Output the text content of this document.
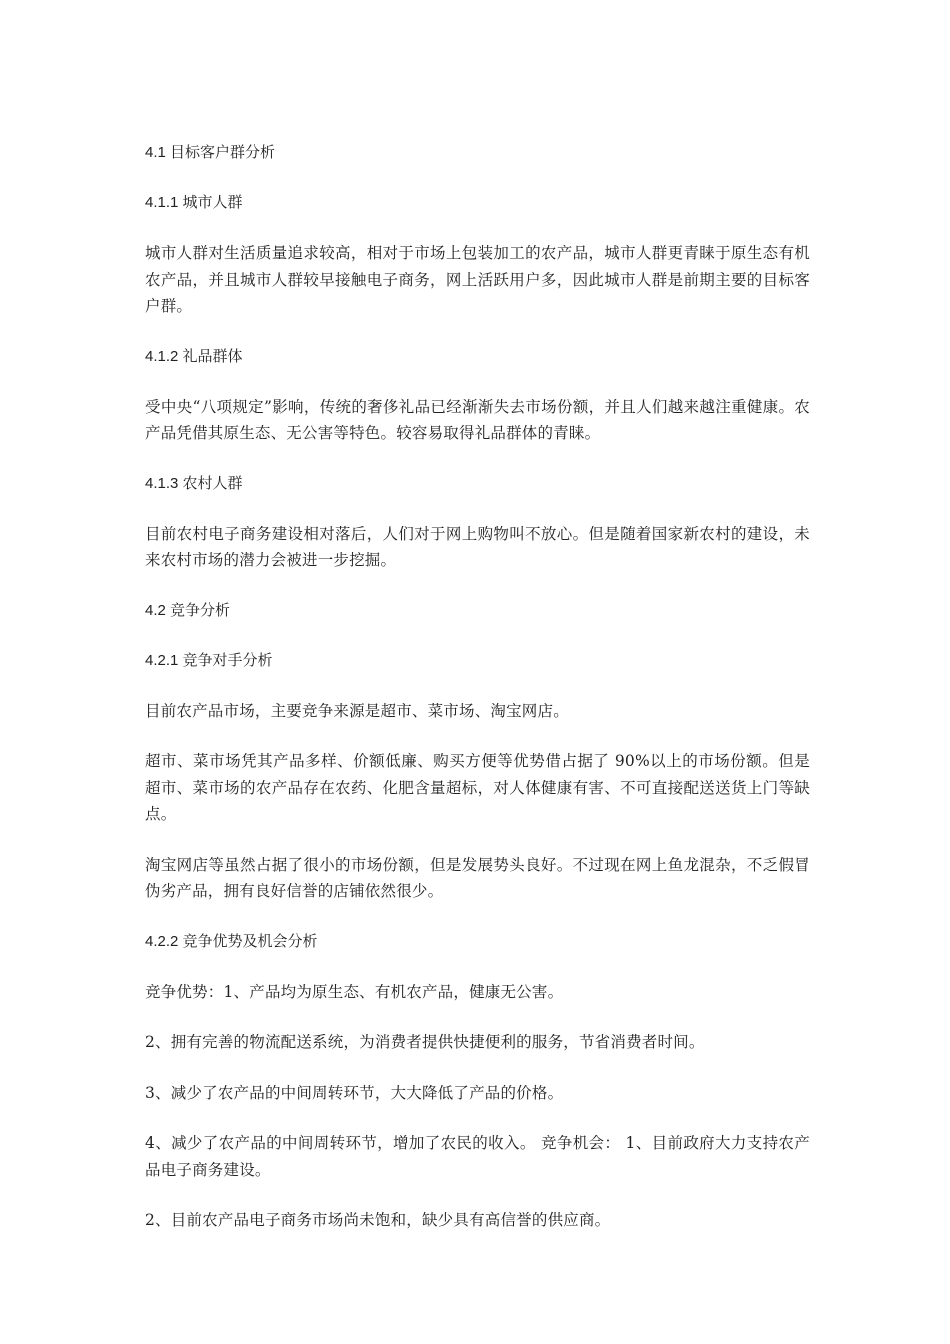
4.1 目标客户群分析
4.1.1 城市人群
城市人群对生活质量追求较高，相对于市场上包装加工的农产品，城市人群更青睐于原生态有机农产品，并且城市人群较早接触电子商务，网上活跃用户多，因此城市人群是前期主要的目标客户群。
4.1.2 礼品群体
受中央“八项规定”影响，传统的奢侈礼品已经渐渐失去市场份额，并且人们越来越注重健康。农产品凭借其原生态、无公害等特色。较容易取得礼品群体的青睐。
4.1.3 农村人群
目前农村电子商务建设相对落后，人们对于网上购物叫不放心。但是随着国家新农村的建设，未来农村市场的潜力会被进一步挖掘。
4.2 竞争分析
4.2.1 竞争对手分析
目前农产品市场，主要竞争来源是超市、菜市场、淘宝网店。
超市、菜市场凭其产品多样、价额低廉、购买方便等优势借占据了 90%以上的市场份额。但是超市、菜市场的农产品存在农药、化肥含量超标，对人体健康有害、不可直接配送送货上门等缺点。
淘宝网店等虽然占据了很小的市场份额，但是发展势头良好。不过现在网上鱼龙混杂，不乏假冒伪劣产品，拥有良好信誉的店铺依然很少。
4.2.2 竞争优势及机会分析
竞争优势：1、产品均为原生态、有机农产品，健康无公害。
2、拥有完善的物流配送系统，为消费者提供快捷便利的服务，节省消费者时间。
3、减少了农产品的中间周转环节，大大降低了产品的价格。
4、减少了农产品的中间周转环节，增加了农民的收入。 竞争机会： 1、目前政府大力支持农产品电子商务建设。
2、目前农产品电子商务市场尚未饱和，缺少具有高信誉的供应商。
